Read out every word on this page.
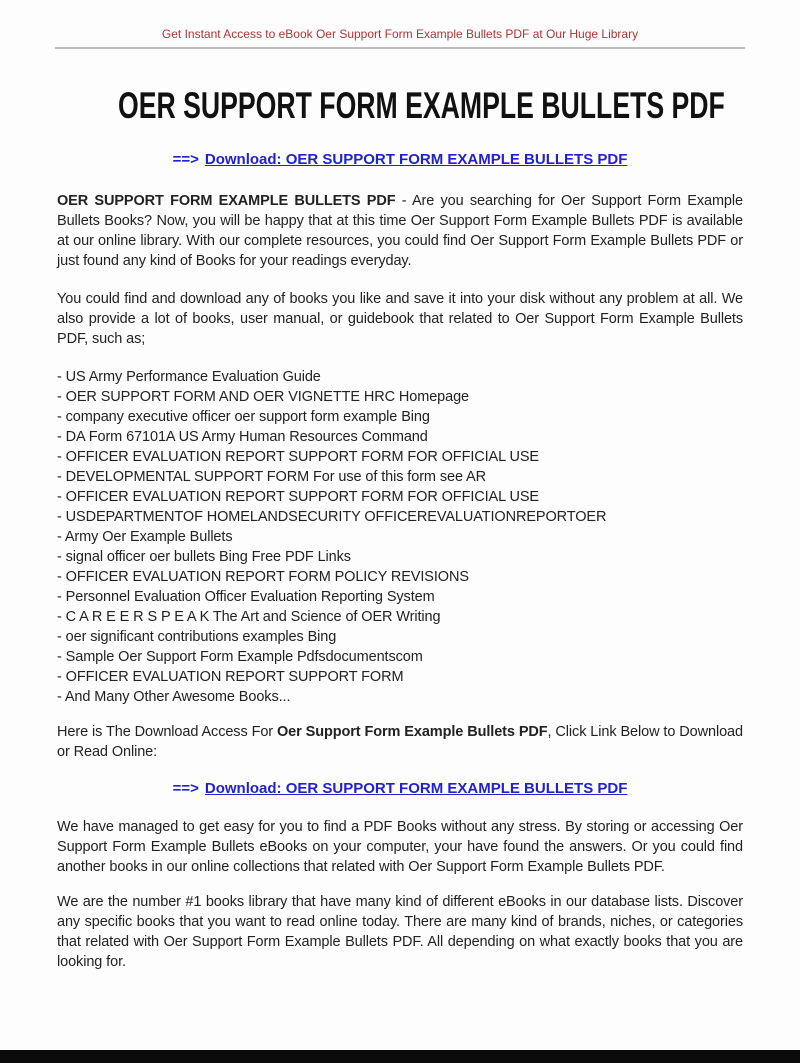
Get Instant Access to eBook Oer Support Form Example Bullets PDF at Our Huge Library
OER SUPPORT FORM EXAMPLE BULLETS PDF
==> Download: OER SUPPORT FORM EXAMPLE BULLETS PDF

OER SUPPORT FORM EXAMPLE BULLETS PDF - Are you searching for Oer Support Form Example Bullets Books? Now, you will be happy that at this time Oer Support Form Example Bullets PDF is available at our online library. With our complete resources, you could find Oer Support Form Example Bullets PDF or just found any kind of Books for your readings everyday.

You could find and download any of books you like and save it into your disk without any problem at all. We also provide a lot of books, user manual, or guidebook that related to Oer Support Form Example Bullets PDF, such as;

- US Army Performance Evaluation Guide
- OER SUPPORT FORM AND OER VIGNETTE HRC Homepage
- company executive officer oer support form example Bing
- DA Form 67101A US Army Human Resources Command
- OFFICER EVALUATION REPORT SUPPORT FORM FOR OFFICIAL USE
- DEVELOPMENTAL SUPPORT FORM For use of this form see AR
- OFFICER EVALUATION REPORT SUPPORT FORM FOR OFFICIAL USE
- USDEPARTMENTOF HOMELANDSECURITY OFFICEREVALUATIONREPORTOER
- Army Oer Example Bullets
- signal officer oer bullets Bing Free PDF Links
- OFFICER EVALUATION REPORT FORM POLICY REVISIONS
- Personnel Evaluation Officer Evaluation Reporting System
- C A R E E R S P E A K The Art and Science of OER Writing
- oer significant contributions examples Bing
- Sample Oer Support Form Example Pdfsdocumentscom
- OFFICER EVALUATION REPORT SUPPORT FORM
- And Many Other Awesome Books...

Here is The Download Access For Oer Support Form Example Bullets PDF, Click Link Below to Download or Read Online:

==> Download: OER SUPPORT FORM EXAMPLE BULLETS PDF

We have managed to get easy for you to find a PDF Books without any stress. By storing or accessing Oer Support Form Example Bullets eBooks on your computer, your have found the answers. Or you could find another books in our online collections that related with Oer Support Form Example Bullets PDF.

We are the number #1 books library that have many kind of different eBooks in our database lists. Discover any specific books that you want to read online today. There are many kind of brands, niches, or categories that related with Oer Support Form Example Bullets PDF. All depending on what exactly books that you are looking for.
